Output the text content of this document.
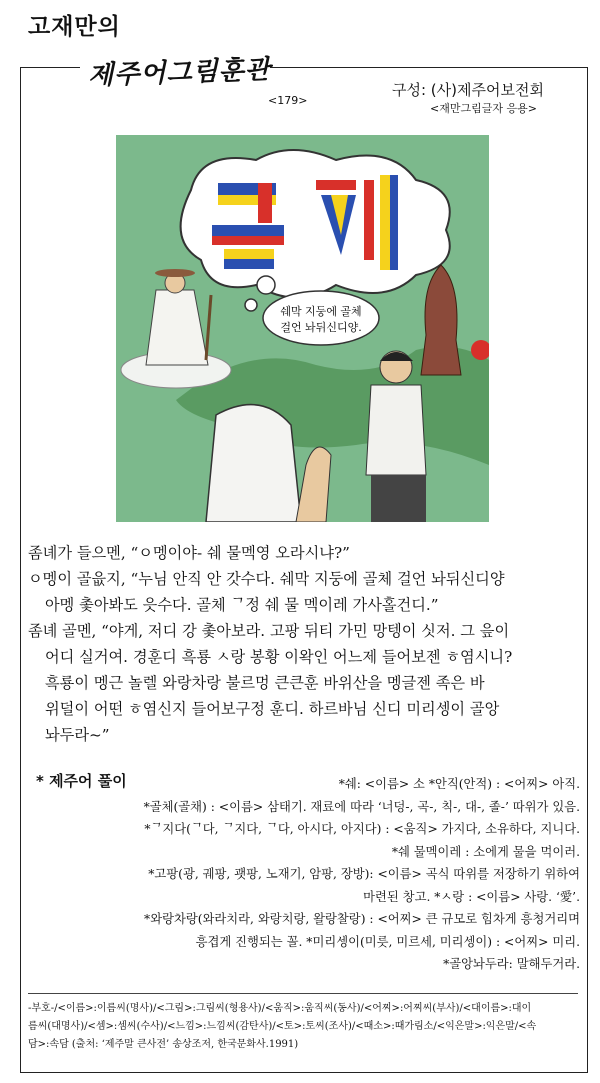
고재만의
제주어그림훈관
<179>
구성: (사)제주어보전회
<재만그림글자 응용>
쉐막 지둥에 골체
걸언 놔뒤신디양.

좀녜가 들으멘, “ㅇ멩이야- 쉐 물멕영 오라시냐?”

ㅇ멩이 골읎지, “누님 안직 안 갓수다. 쉐막 지둥에 골체 걸언 놔뒤신디양

아멩 촟아봐도 읏수다. 골체 ᄀ정 쉐 물 멕이레 가사홀건디.”

좀녜 골멘, “야게, 저디 강 촟아보라. 고팡 뒤티 가민 망텡이 싯저. 그 읖이

어디 실거여. 경훈디 흑룡 ㅅ랑 봉황 이왁인 어느제 들어보젠 ㅎ염시니?

흑룡이 멩근 놀렐 와랑차랑 불르멍 큰큰훈 바위산을 멩글젠 족은 바

위덜이 어떤 ㅎ염신지 들어보구정 훈디. 하르바님 신디 미리셍이 골앙

놔두라~”

* 제주어 풀이	*쉐: <이름> 소 *안직(안적) : <어찌> 아직.

*골체(골채) : <이름> 삼태기. 재료에 따라 ‘너덩-, 곡-, 칙-, 대-, 졸-’ 따위가 있음.

*ᄀ지다(ᄀ다, ᄀ지다, ᄀ다, 아시다, 아지다) : <움직> 가지다, 소유하다, 지니다.

*쉐 물멕이레 : 소에게 물을 먹이러.

*고팡(광, 궤팡, 괫팡, 노재기, 암팡, 장방): <이름> 곡식 따위를 저장하기 위하여

마련된 창고. *ㅅ랑 : <이름> 사랑. ‘愛’.

*와랑차랑(와라치라, 와랑치랑, 왈랑찰랑) : <어찌> 큰 규모로 힘차게 흥청거리며

흥겹게 진행되는 꼴. *미리셍이(미릇, 미르세, 미리셍이) : <어찌> 미리.

*골앙놔두라: 말해두거라.

-부호-/<이름>:이름씨(명사)/<그림>:그림씨(형용사)/<움직>:움직씨(동사)/<어찌>:어찌씨(부사)/<대이름>:대이

름씨(대명사)/<셈>:셈씨(수사)/<느낌>:느낌씨(감탄사)/<토>:토씨(조사)/<때소>:때가림소/<익은말>:익은말/<속

담>:속담 (출처: ‘제주말 큰사전’ 송상조저, 한국문화사.1991)
